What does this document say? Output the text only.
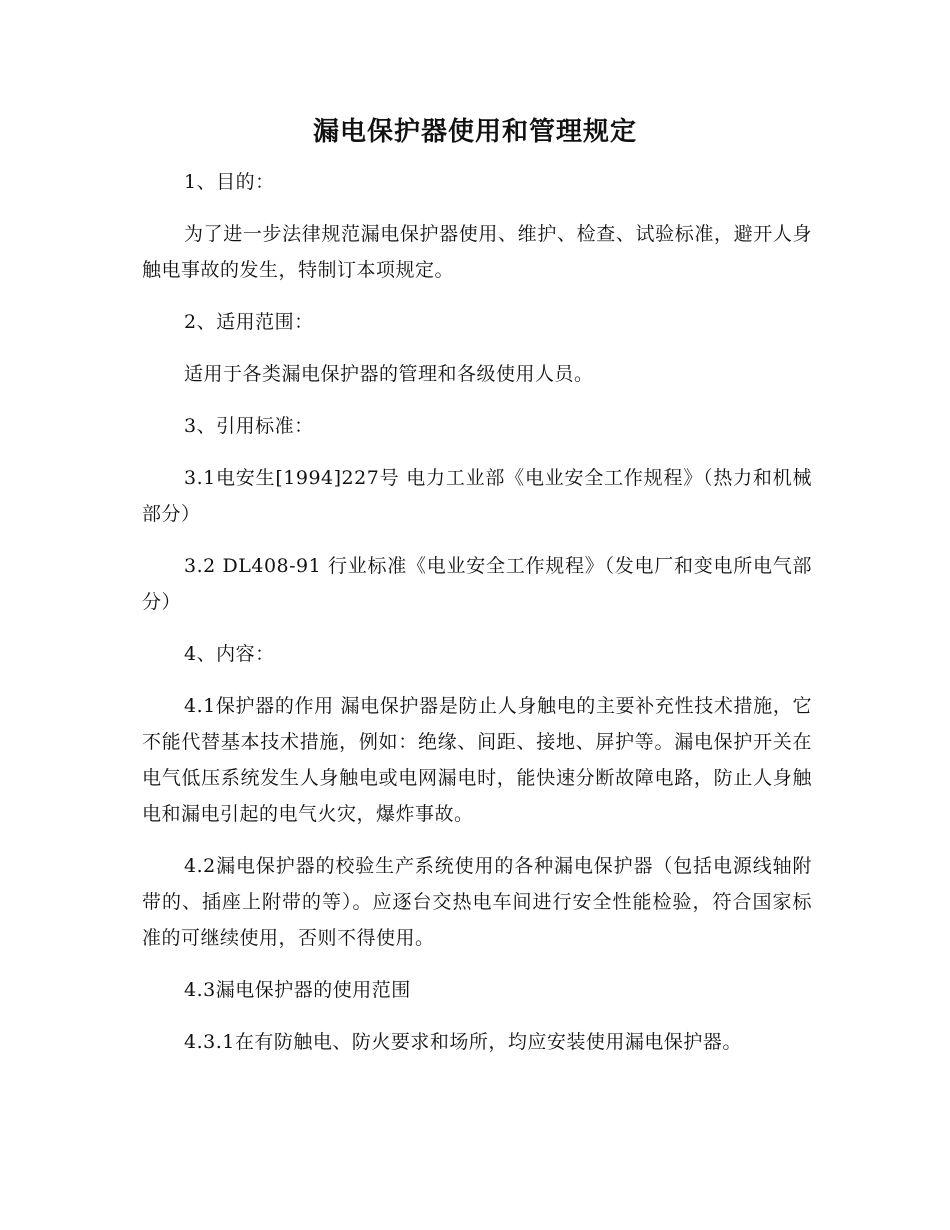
漏电保护器使用和管理规定

1、目的：

为了进一步法律规范漏电保护器使用、维护、检查、试验标准，避开人身触电事故的发生，特制订本项规定。

2、适用范围：

适用于各类漏电保护器的管理和各级使用人员。

3、引用标准：

3.1电安生[1994]227号 电力工业部《电业安全工作规程》（热力和机械部分）

3.2 DL408-91 行业标准《电业安全工作规程》（发电厂和变电所电气部分）

4、内容：

4.1保护器的作用 漏电保护器是防止人身触电的主要补充性技术措施，它不能代替基本技术措施，例如：绝缘、间距、接地、屏护等。漏电保护开关在电气低压系统发生人身触电或电网漏电时，能快速分断故障电路，防止人身触电和漏电引起的电气火灾，爆炸事故。

4.2漏电保护器的校验生产系统使用的各种漏电保护器（包括电源线轴附带的、插座上附带的等）。应逐台交热电车间进行安全性能检验，符合国家标准的可继续使用，否则不得使用。

4.3漏电保护器的使用范围

4.3.1在有防触电、防火要求和场所，均应安装使用漏电保护器。
